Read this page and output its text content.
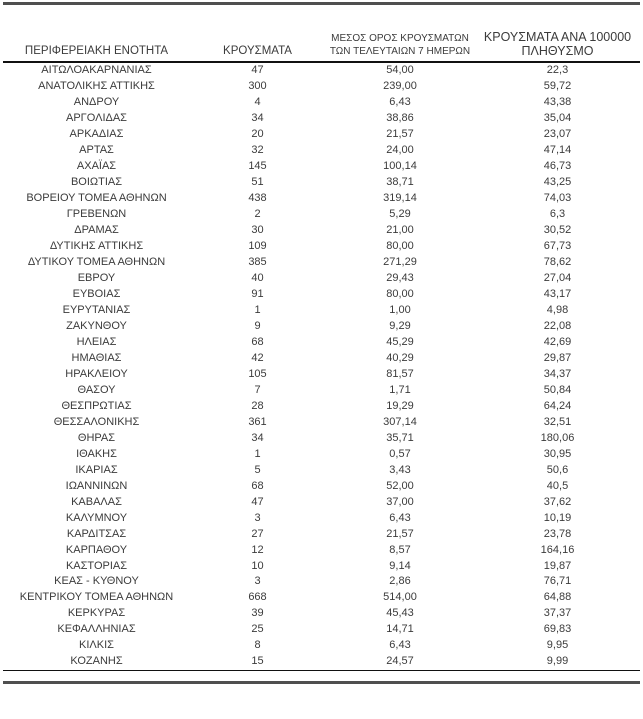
ΠΕΡΙΦΕΡΕΙΑΚΗ ΕΝΟΤΗΤΑ	ΚΡΟΥΣΜΑΤΑ	ΜΕΣΟΣ ΟΡΟΣ ΚΡΟΥΣΜΑΤΩΝ
ΤΩΝ ΤΕΛΕΥΤΑΙΩΝ 7 ΗΜΕΡΩΝ	ΚΡΟΥΣΜΑΤΑ ΑΝΑ 100000
ΠΛΗΘΥΣΜΟ
ΑΙΤΩΛΟΑΚΑΡΝΑΝΙΑΣ	47	54,00	22,3
ΑΝΑΤΟΛΙΚΗΣ ΑΤΤΙΚΗΣ	300	239,00	59,72
ΑΝΔΡΟΥ	4	6,43	43,38
ΑΡΓΟΛΙΔΑΣ	34	38,86	35,04
ΑΡΚΑΔΙΑΣ	20	21,57	23,07
ΑΡΤΑΣ	32	24,00	47,14
ΑΧΑΪΑΣ	145	100,14	46,73
ΒΟΙΩΤΙΑΣ	51	38,71	43,25
ΒΟΡΕΙΟΥ ΤΟΜΕΑ ΑΘΗΝΩΝ	438	319,14	74,03
ΓΡΕΒΕΝΩΝ	2	5,29	6,3
ΔΡΑΜΑΣ	30	21,00	30,52
ΔΥΤΙΚΗΣ ΑΤΤΙΚΗΣ	109	80,00	67,73
ΔΥΤΙΚΟΥ ΤΟΜΕΑ ΑΘΗΝΩΝ	385	271,29	78,62
ΕΒΡΟΥ	40	29,43	27,04
ΕΥΒΟΙΑΣ	91	80,00	43,17
ΕΥΡΥΤΑΝΙΑΣ	1	1,00	4,98
ΖΑΚΥΝΘΟΥ	9	9,29	22,08
ΗΛΕΙΑΣ	68	45,29	42,69
ΗΜΑΘΙΑΣ	42	40,29	29,87
ΗΡΑΚΛΕΙΟΥ	105	81,57	34,37
ΘΑΣΟΥ	7	1,71	50,84
ΘΕΣΠΡΩΤΙΑΣ	28	19,29	64,24
ΘΕΣΣΑΛΟΝΙΚΗΣ	361	307,14	32,51
ΘΗΡΑΣ	34	35,71	180,06
ΙΘΑΚΗΣ	1	0,57	30,95
ΙΚΑΡΙΑΣ	5	3,43	50,6
ΙΩΑΝΝΙΝΩΝ	68	52,00	40,5
ΚΑΒΑΛΑΣ	47	37,00	37,62
ΚΑΛΥΜΝΟΥ	3	6,43	10,19
ΚΑΡΔΙΤΣΑΣ	27	21,57	23,78
ΚΑΡΠΑΘΟΥ	12	8,57	164,16
ΚΑΣΤΟΡΙΑΣ	10	9,14	19,87
ΚΕΑΣ - ΚΥΘΝΟΥ	3	2,86	76,71
ΚΕΝΤΡΙΚΟΥ ΤΟΜΕΑ ΑΘΗΝΩΝ	668	514,00	64,88
ΚΕΡΚΥΡΑΣ	39	45,43	37,37
ΚΕΦΑΛΛΗΝΙΑΣ	25	14,71	69,83
ΚΙΛΚΙΣ	8	6,43	9,95
ΚΟΖΑΝΗΣ	15	24,57	9,99
